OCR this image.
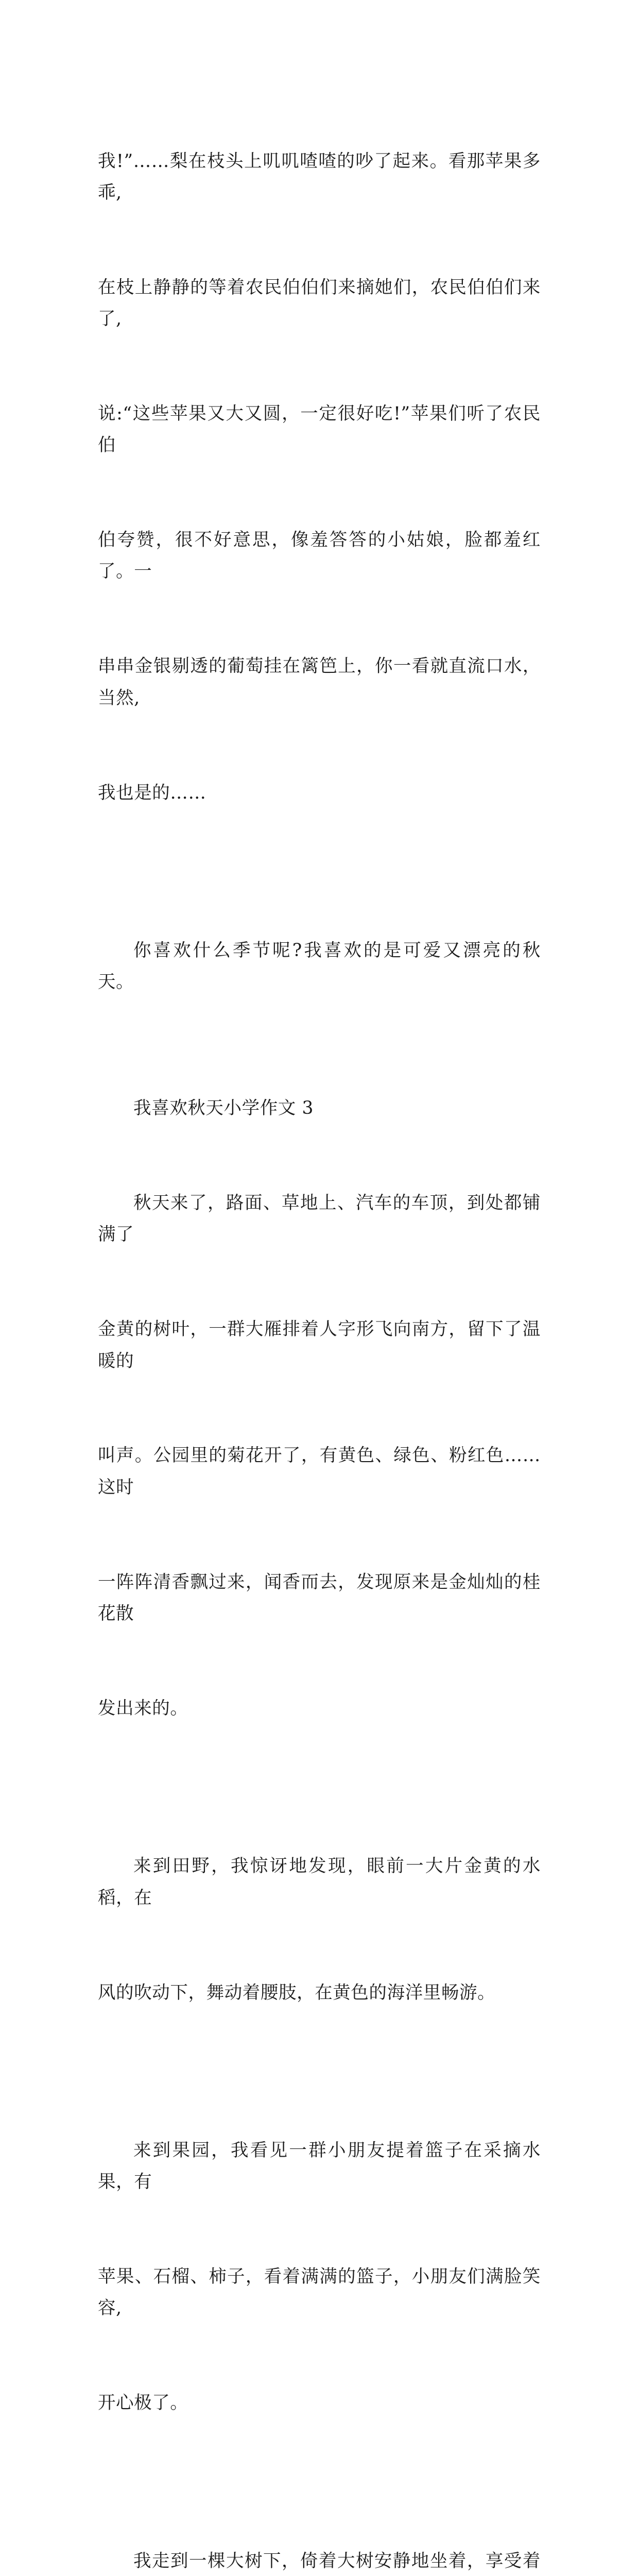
我!”……梨在枝头上叽叽喳喳的吵了起来。看那苹果多乖,

在枝上静静的等着农民伯伯们来摘她们，农民伯伯们来了,

说:“这些苹果又大又圆，一定很好吃!”苹果们听了农民伯

伯夸赞，很不好意思，像羞答答的小姑娘，脸都羞红了。一

串串金银剔透的葡萄挂在篱笆上，你一看就直流口水，当然,

我也是的……

你喜欢什么季节呢?我喜欢的是可爱又漂亮的秋天。

我喜欢秋天小学作文 3

秋天来了，路面、草地上、汽车的车顶，到处都铺满了

金黄的树叶，一群大雁排着人字形飞向南方，留下了温暖的

叫声。公园里的菊花开了，有黄色、绿色、粉红色……这时

一阵阵清香飘过来，闻香而去，发现原来是金灿灿的桂花散

发出来的。

来到田野，我惊讶地发现，眼前一大片金黄的水稻，在

风的吹动下，舞动着腰肢，在黄色的海洋里畅游。

来到果园，我看见一群小朋友提着篮子在采摘水果，有

苹果、石榴、柿子，看着满满的篮子，小朋友们满脸笑容,

开心极了。

我走到一棵大树下，倚着大树安静地坐着，享受着
